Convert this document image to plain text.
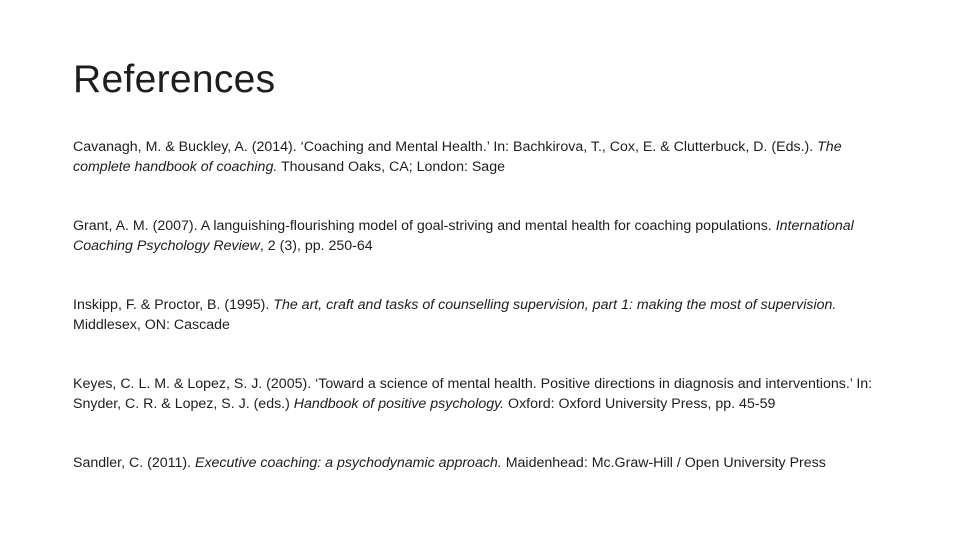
References
Cavanagh, M. & Buckley, A. (2014). ‘Coaching and Mental Health.’ In: Bachkirova, T., Cox, E. & Clutterbuck, D. (Eds.). The complete handbook of coaching. Thousand Oaks, CA; London: Sage
Grant, A. M. (2007). A languishing-flourishing model of goal-striving and mental health for coaching populations. International Coaching Psychology Review, 2 (3), pp. 250-64
Inskipp, F. & Proctor, B. (1995). The art, craft and tasks of counselling supervision, part 1: making the most of supervision. Middlesex, ON: Cascade
Keyes, C. L. M. & Lopez, S. J. (2005). ‘Toward a science of mental health. Positive directions in diagnosis and interventions.’ In: Snyder, C. R. & Lopez, S. J. (eds.) Handbook of positive psychology. Oxford: Oxford University Press, pp. 45-59
Sandler, C. (2011). Executive coaching: a psychodynamic approach. Maidenhead: Mc.Graw-Hill / Open University Press
